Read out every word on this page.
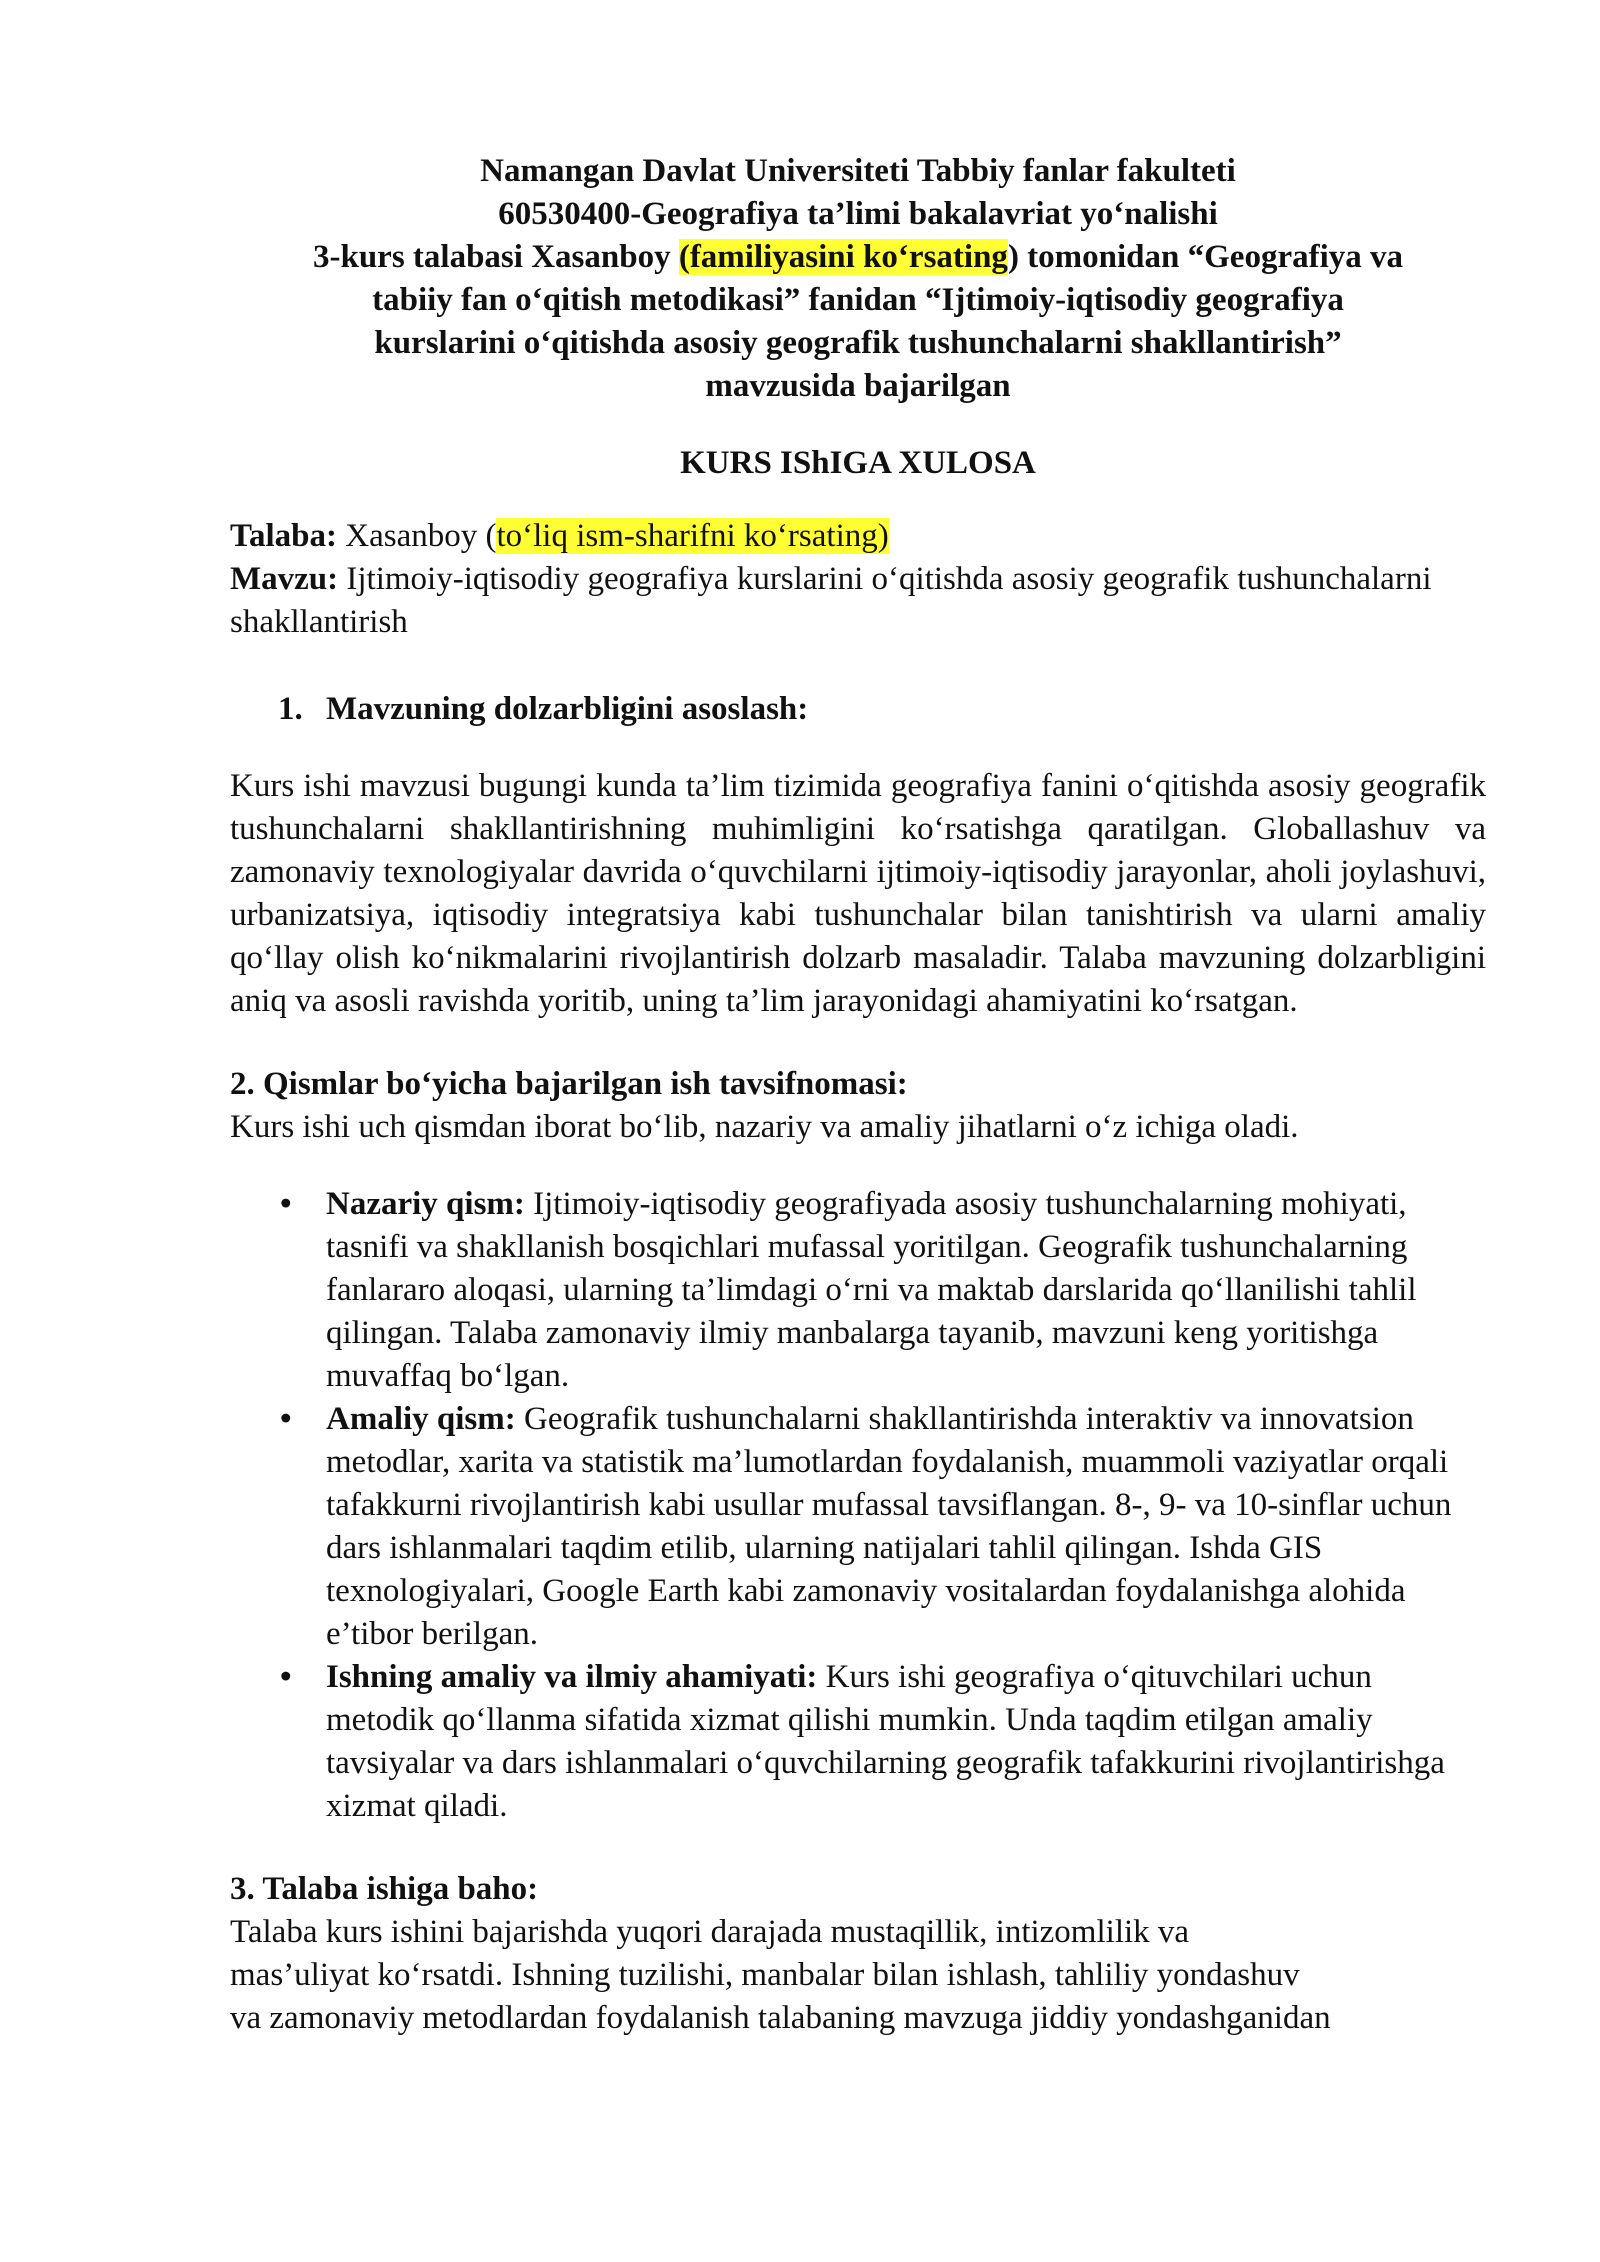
Namangan Davlat Universiteti Tabbiy fanlar fakulteti
60530400-Geografiya ta’limi bakalavriat yo‘nalishi
3-kurs talabasi Xasanboy (familiyasini ko‘rsating) tomonidan “Geografiya va
tabiiy fan o‘qitish metodikasi” fanidan “Ijtimoiy-iqtisodiy geografiya
kurslarini o‘qitishda asosiy geografik tushunchalarni shakllantirish”
mavzusida bajarilgan
KURS IShIGA XULOSA

Talaba: Xasanboy (to‘liq ism-sharifni ko‘rsating)

Mavzu: Ijtimoiy-iqtisodiy geografiya kurslarini o‘qitishda asosiy geografik tushunchalarni shakllantirish

1. Mavzuning dolzarbligini asoslash:

Kurs ishi mavzusi bugungi kunda ta’lim tizimida geografiya fanini o‘qitishda asosiy geografik tushunchalarni shakllantirishning muhimligini ko‘rsatishga qaratilgan. Globallashuv va zamonaviy texnologiyalar davrida o‘quvchilarni ijtimoiy-iqtisodiy jarayonlar, aholi joylashuvi, urbanizatsiya, iqtisodiy integratsiya kabi tushunchalar bilan tanishtirish va ularni amaliy qo‘llay olish ko‘nikmalarini rivojlantirish dolzarb masaladir. Talaba mavzuning dolzarbligini aniq va asosli ravishda yoritib, uning ta’lim jarayonidagi ahamiyatini ko‘rsatgan.

2. Qismlar bo‘yicha bajarilgan ish tavsifnomasi:

Kurs ishi uch qismdan iborat bo‘lib, nazariy va amaliy jihatlarni o‘z ichiga oladi.

• Nazariy qism: Ijtimoiy-iqtisodiy geografiyada asosiy tushunchalarning mohiyati, tasnifi va shakllanish bosqichlari mufassal yoritilgan. Geografik tushunchalarning fanlararo aloqasi, ularning ta’limdagi o‘rni va maktab darslarida qo‘llanilishi tahlil qilingan. Talaba zamonaviy ilmiy manbalarga tayanib, mavzuni keng yoritishga muvaffaq bo‘lgan.
• Amaliy qism: Geografik tushunchalarni shakllantirishda interaktiv va innovatsion metodlar, xarita va statistik ma’lumotlardan foydalanish, muammoli vaziyatlar orqali tafakkurni rivojlantirish kabi usullar mufassal tavsiflangan. 8-, 9- va 10-sinflar uchun dars ishlanmalari taqdim etilib, ularning natijalari tahlil qilingan. Ishda GIS texnologiyalari, Google Earth kabi zamonaviy vositalardan foydalanishga alohida e’tibor berilgan.
• Ishning amaliy va ilmiy ahamiyati: Kurs ishi geografiya o‘qituvchilari uchun metodik qo‘llanma sifatida xizmat qilishi mumkin. Unda taqdim etilgan amaliy tavsiyalar va dars ishlanmalari o‘quvchilarning geografik tafakkurini rivojlantirishga xizmat qiladi.
3. Talaba ishiga baho:
Talaba kurs ishini bajarishda yuqori darajada mustaqillik, intizomlilik va
mas’uliyat ko‘rsatdi. Ishning tuzilishi, manbalar bilan ishlash, tahliliy yondashuv
va zamonaviy metodlardan foydalanish talabaning mavzuga jiddiy yondashganidan
